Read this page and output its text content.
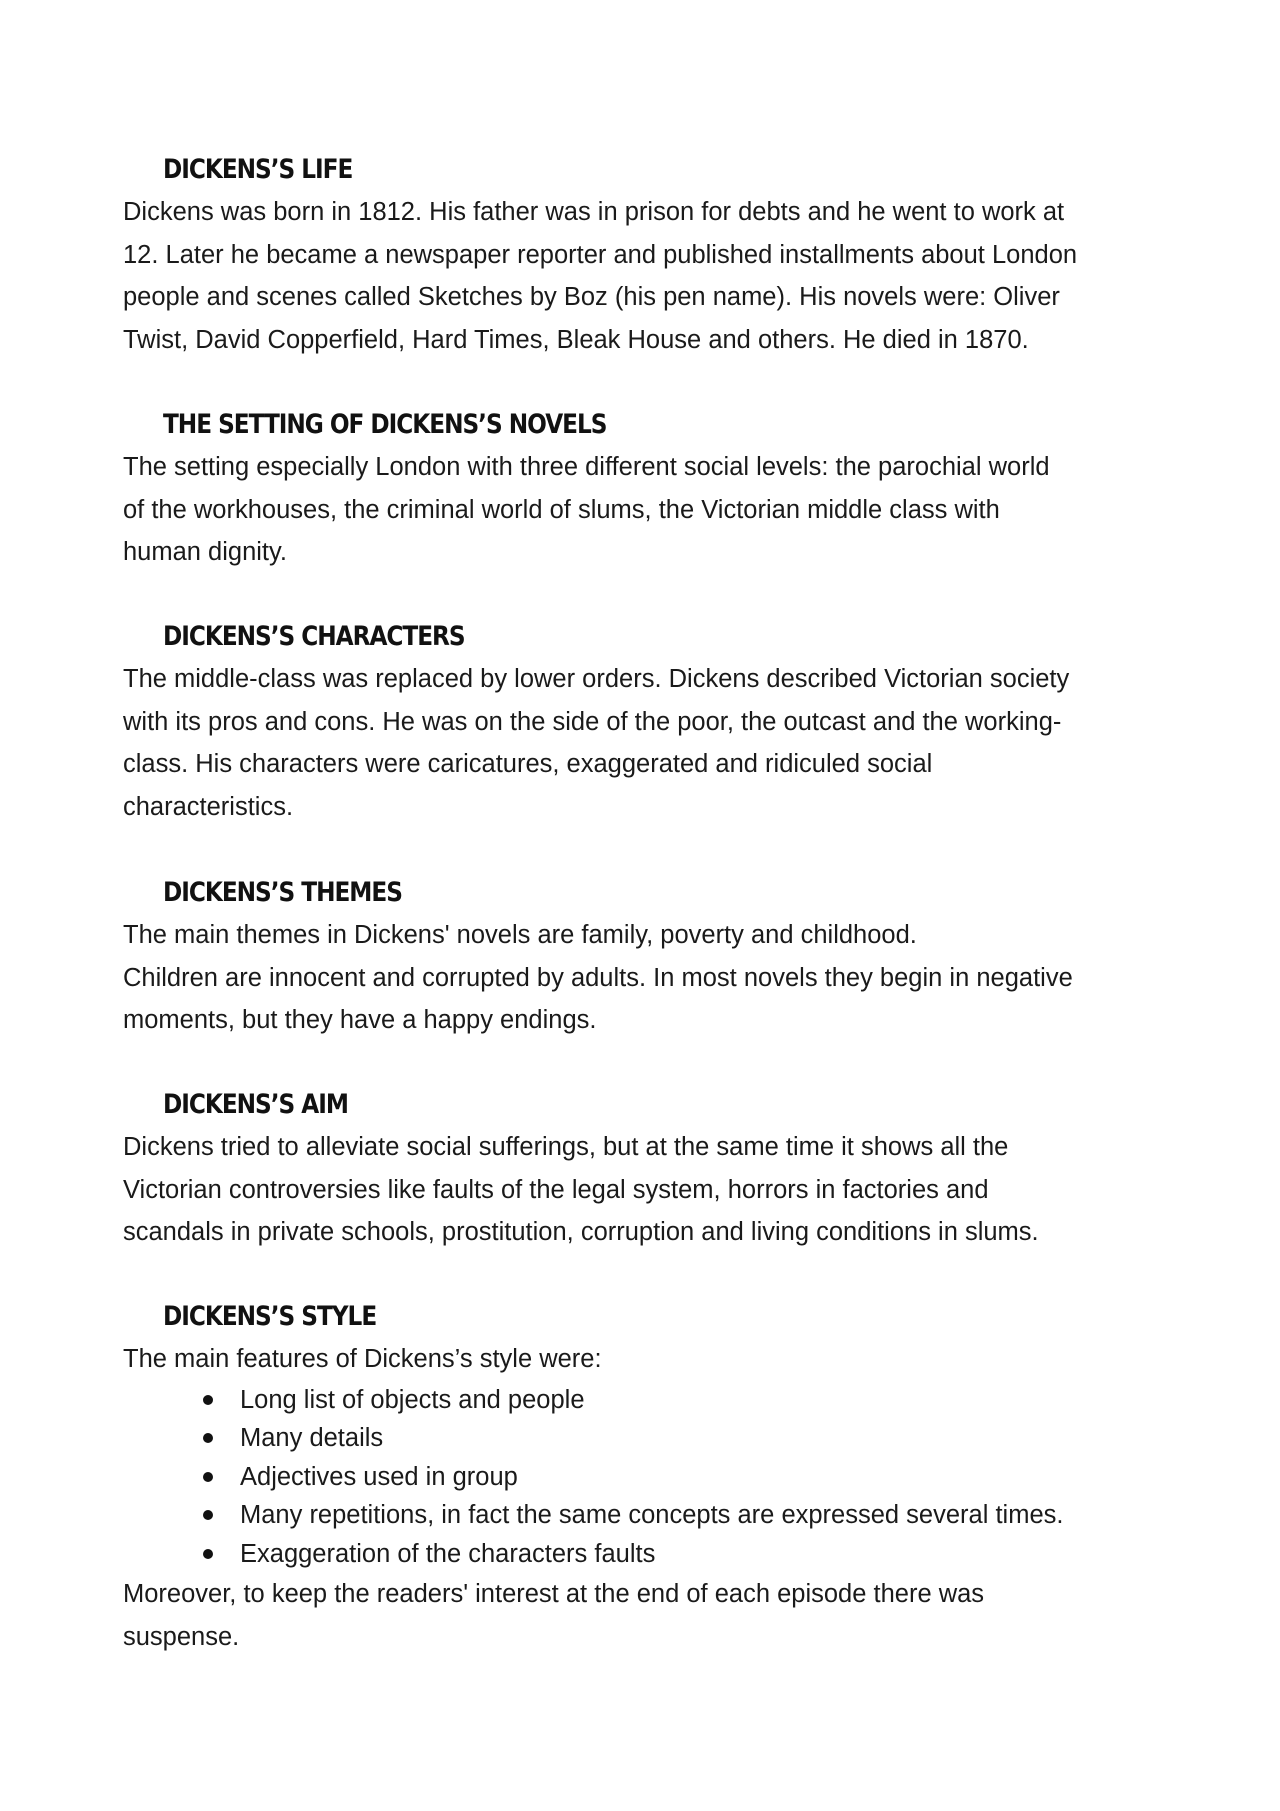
DICKENS’S LIFE

Dickens was born in 1812. His father was in prison for debts and he went to work at
12. Later he became a newspaper reporter and published installments about London
people and scenes called Sketches by Boz (his pen name). His novels were: Oliver
Twist, David Copperfield, Hard Times, Bleak House and others. He died in 1870.

THE SETTING OF DICKENS’S NOVELS

The setting especially London with three different social levels: the parochial world
of the workhouses, the criminal world of slums, the Victorian middle class with
human dignity.

DICKENS’S CHARACTERS

The middle-class was replaced by lower orders. Dickens described Victorian society
with its pros and cons. He was on the side of the poor, the outcast and the working-
class. His characters were caricatures, exaggerated and ridiculed social
characteristics.

DICKENS’S THEMES

The main themes in Dickens' novels are family, poverty and childhood.
Children are innocent and corrupted by adults. In most novels they begin in negative
moments, but they have a happy endings.

DICKENS’S AIM

Dickens tried to alleviate social sufferings, but at the same time it shows all the
Victorian controversies like faults of the legal system, horrors in factories and
scandals in private schools, prostitution, corruption and living conditions in slums.

DICKENS’S STYLE

The main features of Dickens’s style were:

Long list of objects and people
Many details
Adjectives used in group
Many repetitions, in fact the same concepts are expressed several times.
Exaggeration of the characters faults

Moreover, to keep the readers' interest at the end of each episode there was
suspense.
